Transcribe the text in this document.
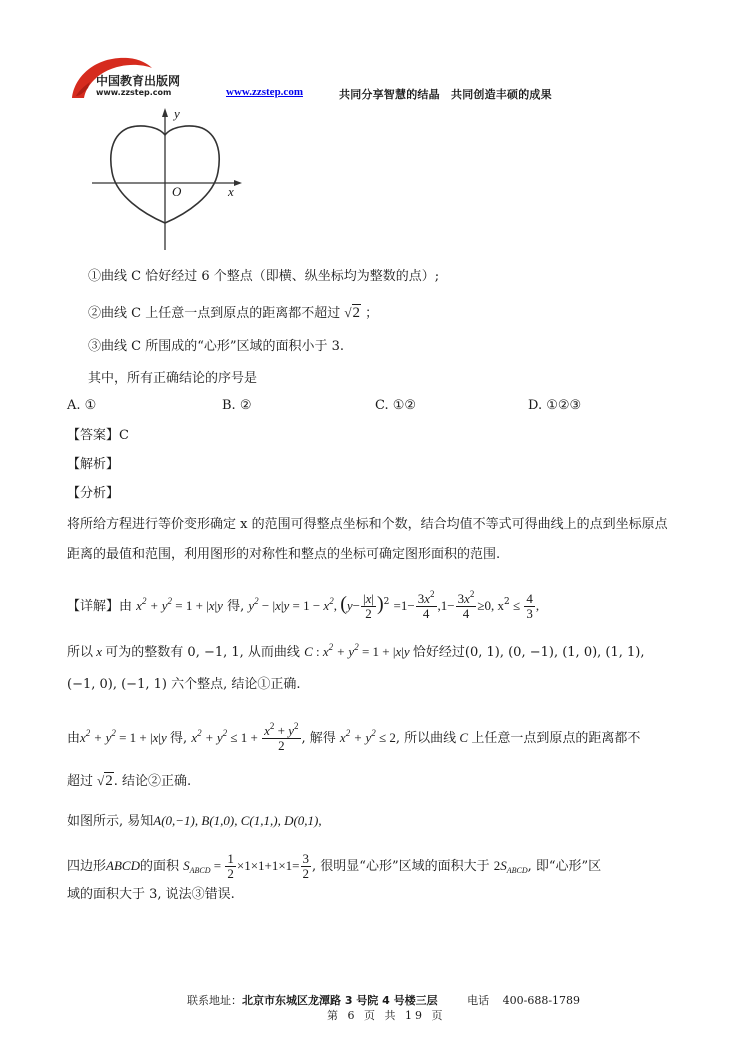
中国教育出版网
www.zzstep.com	www.zzstep.com	共同分享智慧的结晶　共同创造丰硕的成果
y
x
O
①曲线 C 恰好经过 6 个整点（即横、纵坐标均为整数的点）;
②曲线 C 上任意一点到原点的距离都不超过 √2 ；
③曲线 C 所围成的“心形”区域的面积小于 3.
其中，所有正确结论的序号是
A. ①	B. ②	C. ①②	D. ①②③
【答案】C
【解析】
【分析】
将所给方程进行等价变形确定 x 的范围可得整点坐标和个数，结合均值不等式可得曲线上的点到坐标原点
距离的最值和范围，利用图形的对称性和整点的坐标可确定图形面积的范围.
【详解】由 $x^2 + y^2 = 1 + |x|y$ 得, $y^2 - |x|y = 1 - x^2$, $(y- \frac{|x|}{2} )^2 =1- \frac{3x^2}{4} ,1- \frac{3x^2}{4} \ge 0$, $x^2 \le \frac{4}{3}$ ,
所以 x 可为的整数有 0, −1, 1, 从而曲线 C : $x^2 + y^2 = 1 + |x|y$ 恰好经过(0, 1), (0, −1), (1, 0), (1, 1),
(−1, 0), (−1, 1) 六个整点, 结论①正确.
由$x^2 + y^2 = 1 + |x|y$ 得, $x^2 + y^2 \le 1 + \frac{x^2 + y^2}{2}$ , 解得 $x^2 + y^2 \le 2$, 所以曲线 C 上任意一点到原点的距离都不
超过 √2. 结论②正确.
如图所示, 易知A(0,−1), B(1,0), C(1,1,), D(0,1),
四边形ABCD的面积 $S_{ABCD} = \frac{1}{2} \times 1\times 1+1\times 1= \frac{3}{2}$ , 很明显“心形”区域的面积大于 $2S_{ABCD}$, 即“心形”区
域的面积大于 3, 说法③错误.
联系地址：北京市东城区龙潭路 3 号院 4 号楼三层	电话 400-688-1789
第 6 页 共 19 页
